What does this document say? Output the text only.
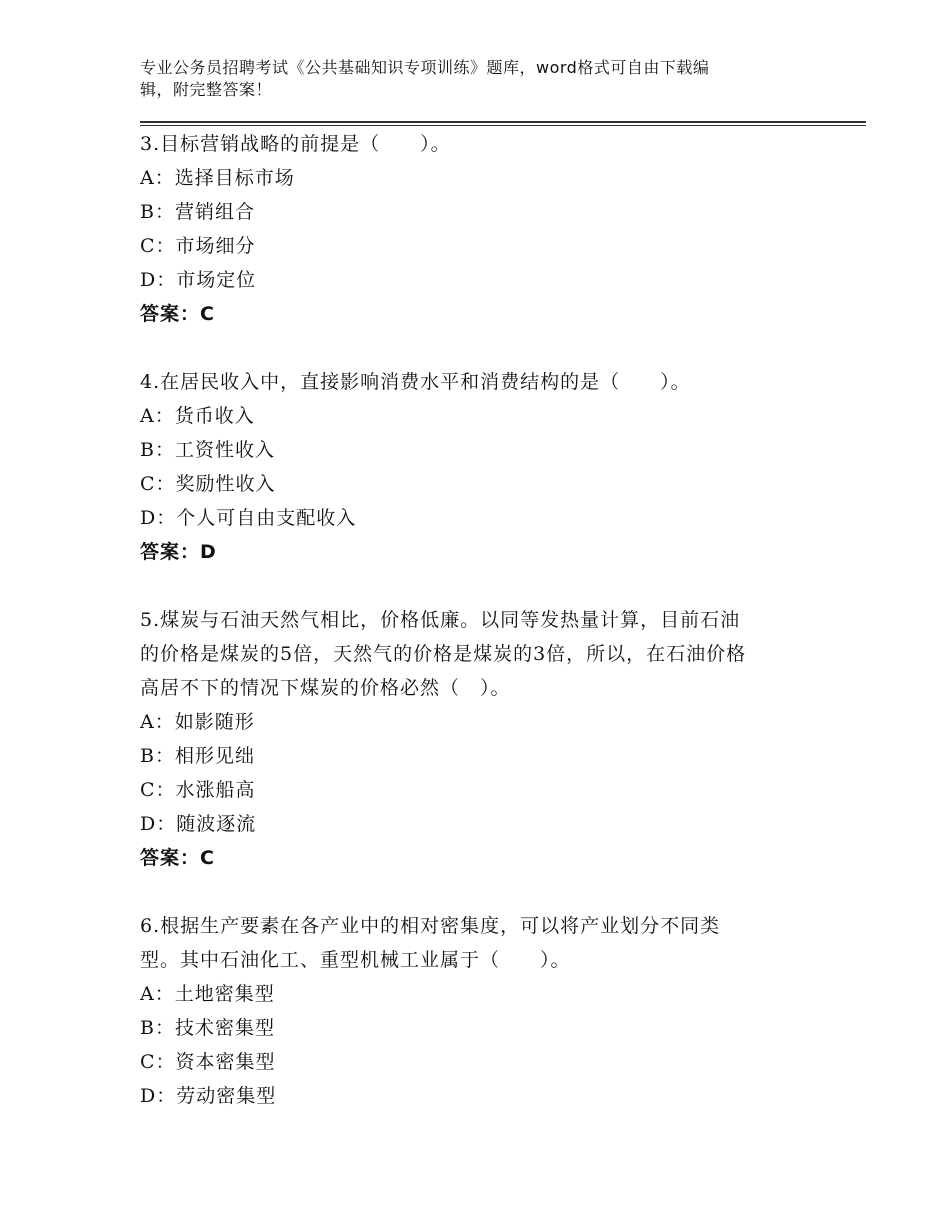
专业公务员招聘考试《公共基础知识专项训练》题库，word格式可自由下载编
辑，附完整答案！
3.目标营销战略的前提是（　　）。
A：选择目标市场
B：营销组合
C：市场细分
D：市场定位
答案：C
4.在居民收入中，直接影响消费水平和消费结构的是（　　）。
A：货币收入
B：工资性收入
C：奖励性收入
D：个人可自由支配收入
答案：D
5.煤炭与石油天然气相比，价格低廉。以同等发热量计算，目前石油
的价格是煤炭的5倍，天然气的价格是煤炭的3倍，所以，在石油价格
高居不下的情况下煤炭的价格必然（　）。
A：如影随形
B：相形见绌
C：水涨船高
D：随波逐流
答案：C
6.根据生产要素在各产业中的相对密集度，可以将产业划分不同类
型。其中石油化工、重型机械工业属于（　　）。
A：土地密集型
B：技术密集型
C：资本密集型
D：劳动密集型
